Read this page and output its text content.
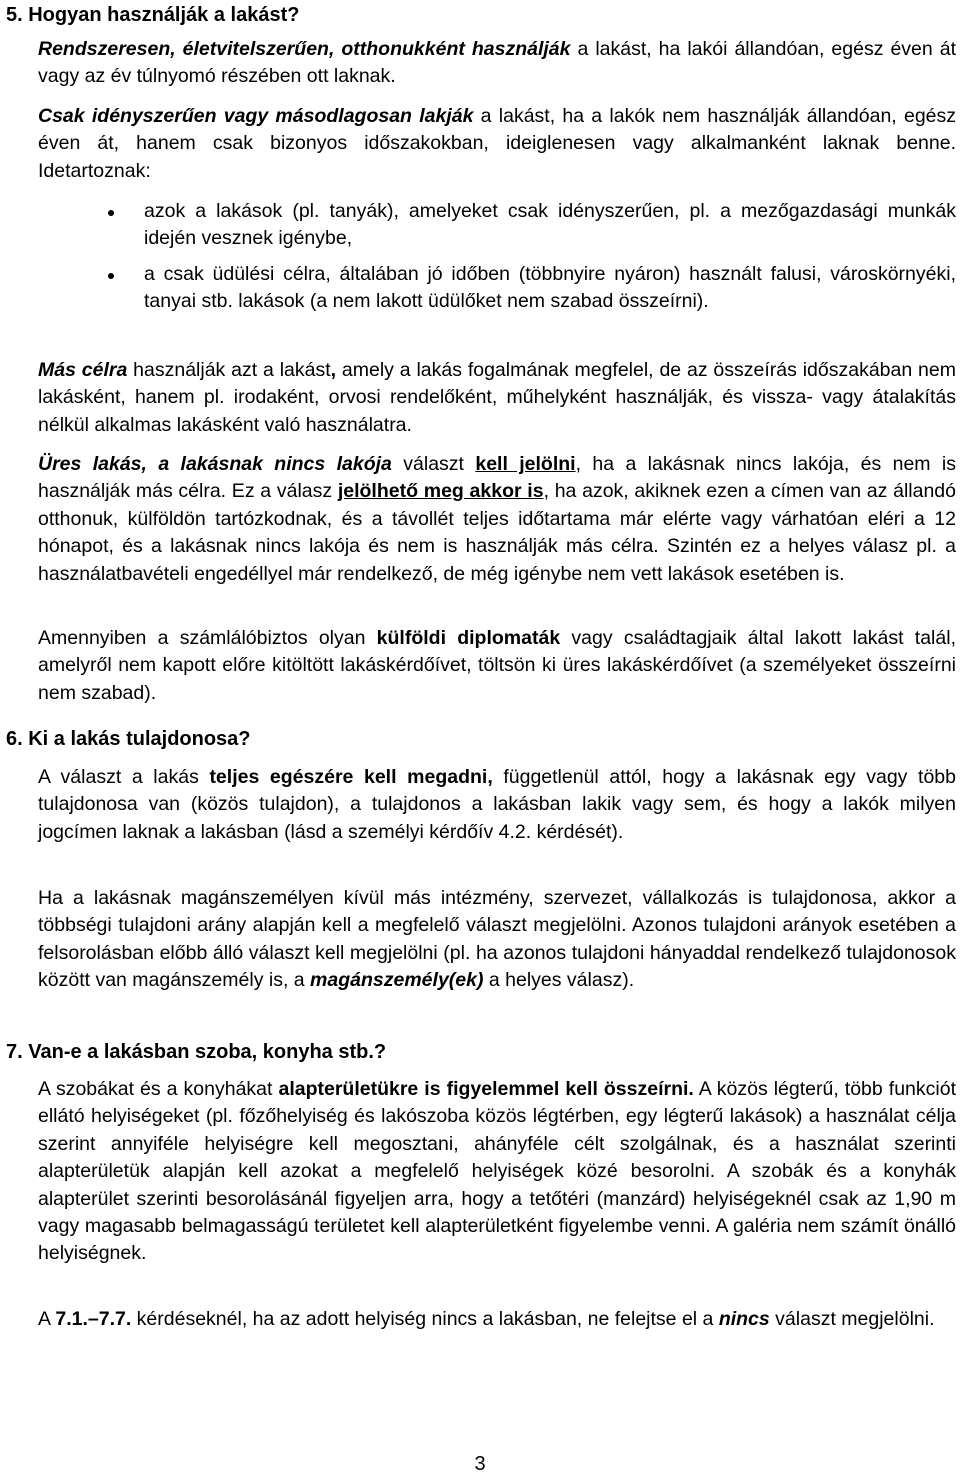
5. Hogyan használják a lakást?

Rendszeresen, életvitelszerűen, otthonukként használják a lakást, ha lakói állandóan, egész éven át vagy az év túlnyomó részében ott laknak.

Csak idényszerűen vagy másodlagosan lakják a lakást, ha a lakók nem használják állandóan, egész éven át, hanem csak bizonyos időszakokban, ideiglenesen vagy alkalmanként laknak benne. Idetartoznak:

azok a lakások (pl. tanyák), amelyeket csak idényszerűen, pl. a mezőgazdasági munkák idején vesznek igénybe,
a csak üdülési célra, általában jó időben (többnyire nyáron) használt falusi, városkörnyéki, tanyai stb. lakások (a nem lakott üdülőket nem szabad összeírni).

Más célra használják azt a lakást, amely a lakás fogalmának megfelel, de az összeírás időszakában nem lakásként, hanem pl. irodaként, orvosi rendelőként, műhelyként használják, és vissza- vagy átalakítás nélkül alkalmas lakásként való használatra.

Üres lakás, a lakásnak nincs lakója választ kell jelölni, ha a lakásnak nincs lakója, és nem is használják más célra. Ez a válasz jelölhető meg akkor is, ha azok, akiknek ezen a címen van az állandó otthonuk, külföldön tartózkodnak, és a távollét teljes időtartama már elérte vagy várhatóan eléri a 12 hónapot, és a lakásnak nincs lakója és nem is használják más célra. Szintén ez a helyes válasz pl. a használatbavételi engedéllyel már rendelkező, de még igénybe nem vett lakások esetében is.

Amennyiben a számlálóbiztos olyan külföldi diplomaták vagy családtagjaik által lakott lakást talál, amelyről nem kapott előre kitöltött lakáskérdőívet, töltsön ki üres lakáskérdőívet (a személyeket összeírni nem szabad).

6. Ki a lakás tulajdonosa?

A választ a lakás teljes egészére kell megadni, függetlenül attól, hogy a lakásnak egy vagy több tulajdonosa van (közös tulajdon), a tulajdonos a lakásban lakik vagy sem, és hogy a lakók milyen jogcímen laknak a lakásban (lásd a személyi kérdőív 4.2. kérdését).

Ha a lakásnak magánszemélyen kívül más intézmény, szervezet, vállalkozás is tulajdonosa, akkor a többségi tulajdoni arány alapján kell a megfelelő választ megjelölni. Azonos tulajdoni arányok esetében a felsorolásban előbb álló választ kell megjelölni (pl. ha azonos tulajdoni hányaddal rendelkező tulajdonosok között van magánszemély is, a magánszemély(ek) a helyes válasz).

7. Van-e a lakásban szoba, konyha stb.?

A szobákat és a konyhákat alapterületükre is figyelemmel kell összeírni. A közös légterű, több funkciót ellátó helyiségeket (pl. főzőhelyiség és lakószoba közös légtérben, egy légterű lakások) a használat célja szerint annyiféle helyiségre kell megosztani, ahányféle célt szolgálnak, és a használat szerinti alapterületük alapján kell azokat a megfelelő helyiségek közé besorolni. A szobák és a konyhák alapterület szerinti besorolásánál figyeljen arra, hogy a tetőtéri (manzárd) helyiségeknél csak az 1,90 m vagy magasabb belmagasságú területet kell alapterületként figyelembe venni. A galéria nem számít önálló helyiségnek.

A 7.1.–7.7. kérdéseknél, ha az adott helyiség nincs a lakásban, ne felejtse el a nincs választ megjelölni.

3
